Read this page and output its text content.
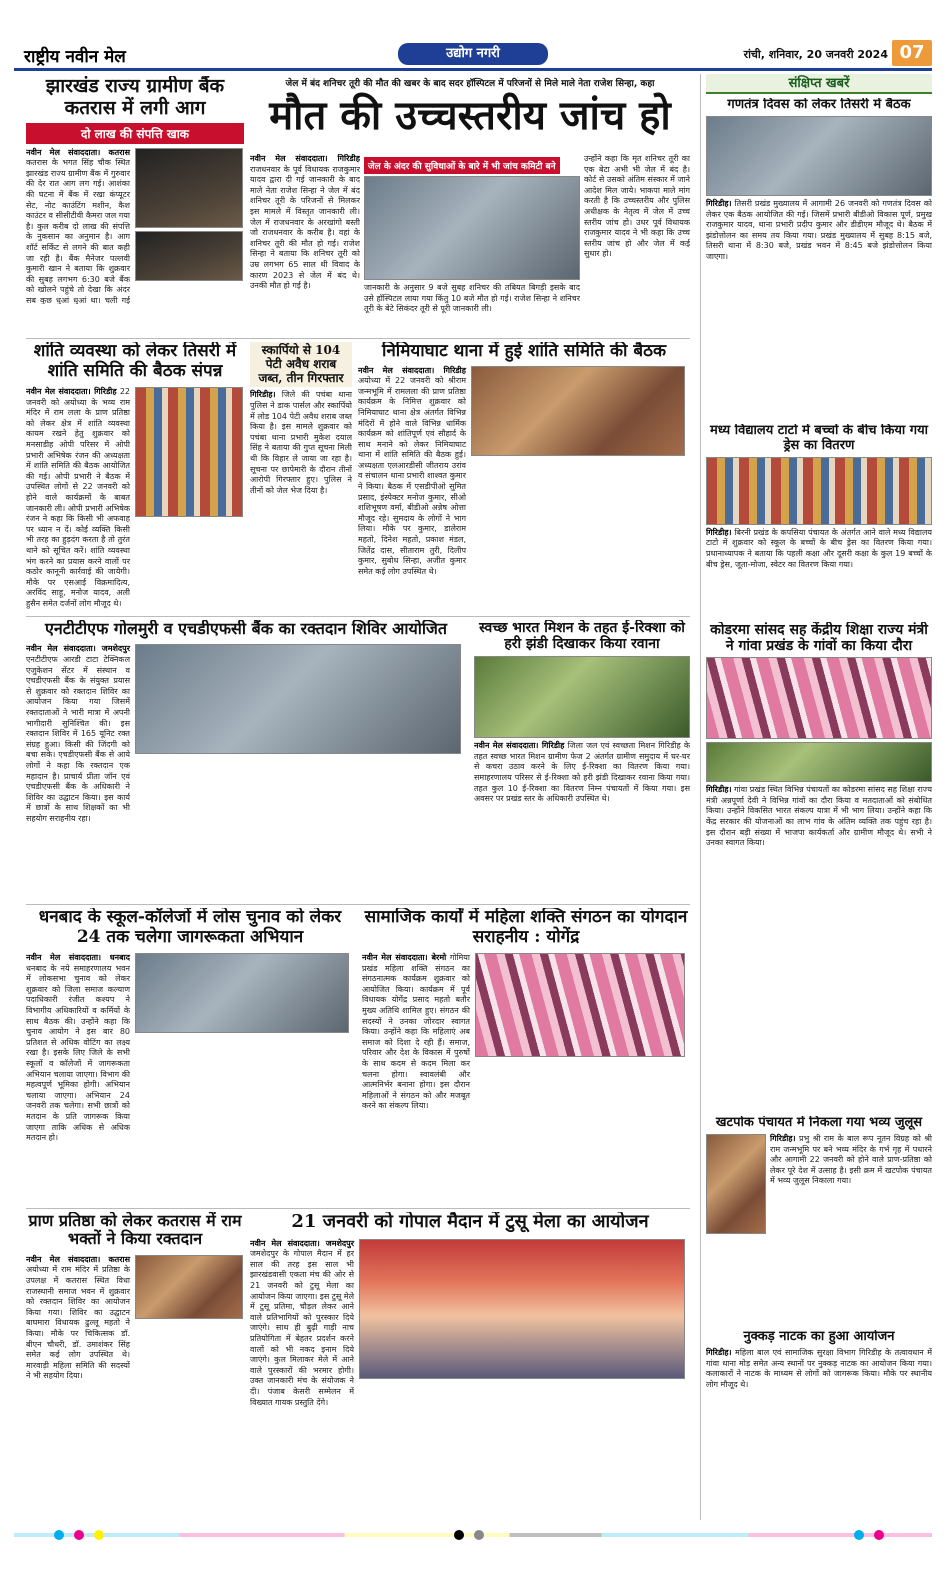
राष्ट्रीय नवीन मेल	उद्योग नगरी	रांची, शनिवार, 20 जनवरी 2024 07
झारखंड राज्य ग्रामीण बैंक कतरास में लगी आग
दो लाख की संपत्ति खाक
नवीन मेल संवाददाता। कतरास कतरास के भगत सिंह चौक स्थित झारखंड राज्य ग्रामीण बैंक में गुरुवार की देर रात आग लग गई। आशंका की घटना में बैंक में रखा कंप्यूटर सेट, नोट काउंटिंग मशीन, कैश काउंटर व सीसीटीवी कैमरा जल गया है। कुल करीब दो लाख की संपत्ति के नुकसान का अनुमान है। आग शॉर्ट सर्किट से लगने की बात कही जा रही है। बैंक मैनेजर पल्लवी कुमारी खान ने बताया कि शुक्रवार की सुबह लगभग 6:30 बजे बैंक को खोलने पहुंचे तो देखा कि अंदर सब कुछ धुआं धुआं था। चली गई
जेल में बंद शनिचर तूरी की मौत की खबर के बाद सदर हॉस्पिटल में परिजनों से मिले माले नेता राजेश सिन्हा, कहा
मौत की उच्चस्तरीय जांच हो
नवीन मेल संवाददाता। गिरिडीह राजधनवार के पूर्व विधायक राजकुमार यादव द्वारा दी गई जानकारी के बाद माले नेता राजेश सिन्हा ने जेल में बंद शनिचर तूरी के परिजनों से मिलकर इस मामले में विस्तृत जानकारी ली। जेल में राजधनवार के अरखांगो बस्ती जो राजधनवार के करीब है। वहां के शनिचर तूरी की मौत हो गई। राजेश सिन्हा ने बताया कि शनिचर तूरी को उम्र लगभग 65 साल थी विवाद के कारण 2023 से जेल में बंद थे। उनकी मौत हो गई है।
जेल के अंदर की सुविधाओं के बारे में भी जांच कमिटी बने
जानकारी के अनुसार 9 बजे सुबह शनिचर की तबियत बिगड़ी इसके बाद उसे हॉस्पिटल लाया गया किंतु 10 बजे मौत हो गई। राजेश सिन्हा ने शनिचर तूरी के बेटे सिकंदर तूरी से पूरी जानकारी ली।
उन्होंने कहा कि मृत शनिचर तूरी का एक बेटा अभी भी जेल में बंद है। कोर्ट से उसको अंतिम संस्कार में जाने आदेश मिल जाये। भाकपा माले मांग करती है कि उच्चस्तरीय और पुलिस अधीक्षक के नेतृत्व में जेल में उच्च स्तरीय जांच हो। उधर पूर्व विधायक राजकुमार यादव ने भी कहा कि उच्च स्तरीय जांच हो और जेल में कई सुधार हो।
शांति व्यवस्था को लेकर तिसरी में शांति समिति की बैठक संपन्न
नवीन मेल संवाददाता। गिरिडीह 22 जनवरी को अयोध्या के भव्य राम मंदिर में राम लला के प्राण प्रतिष्ठा को लेकर क्षेत्र में शांति व्यवस्था कायम रखने हेतु शुक्रवार को मनसाडीह ओपी परिसर में ओपी प्रभारी अभिषेक रंजन की अध्यक्षता में शांति समिति की बैठक आयोजित की गई। ओपी प्रभारी ने बैठक में उपस्थित लोगों से 22 जनवरी को होने वाले कार्यक्रमों के बाबत जानकारी ली। ओपी प्रभारी अभिषेक रंजन ने कहा कि किसी भी अफवाह पर ध्यान न दें। कोई व्यक्ति किसी भी तरह का हुड़दंग करता है तो तुरंत थाने को सूचित करें। शांति व्यवस्था भंग करने का प्रयास करने वालों पर कठोर कानूनी कार्रवाई की जायेगी। मौके पर एसआई विक्रमादित्य, अरविंद साहू, मनोज यादव, अली हुसैन समेत दर्जनों लोग मौजूद थे।
स्कार्पियो से 104 पेटी अवैध शराब जब्त, तीन गिरफ्तार
गिरिडीह। जिले की पचंबा थाना पुलिस ने डाक पार्सल और स्कार्पियो में लोड 104 पेटी अवैध शराब जब्त किया है। इस मामले शुक्रवार को पचंबा थाना प्रभारी मुकेश दयाल सिंह ने बताया की गुप्त सूचना मिली थी कि विहार ले जाया जा रहा है। सूचना पर छापेमारी के दौरान तीनों आरोपी गिरफ्तार हुए। पुलिस ने तीनों को जेल भेज दिया है।
निमियाघाट थाना में हुई शांति समिति की बैठक
नवीन मेल संवाददाता। गिरिडीह अयोध्या में 22 जनवरी को श्रीराम जन्मभूमि में रामलला की प्राण प्रतिष्ठा कार्यक्रम के निमित्त शुक्रवार को निमियाघाट थाना क्षेत्र अंतर्गत विभिन्न मंदिरों में होने वाले विभिन्न धार्मिक कार्यक्रम को शांतिपूर्ण एवं सौहार्द के साथ मनाने को लेकर निमियाघाट थाना में शांति समिति की बैठक हुई। अध्यक्षता एलआरडीसी जीतराय उरांव व संचालन थाना प्रभारी शाश्वत कुमार ने किया। बैठक में एसडीपीओ सुमित प्रसाद, इंस्पेक्टर मनोज कुमार, सीओ शशिभूषण वर्मा, बीडीओ अन्नेष ओत्ता मौजूद रहे। सुमदाय के लोगों ने भाग लिया। मौके पर कुमार, डालेराम महतो, दिनेश महतो, प्रकाश मंडल, जितेंद्र दास, सीताराम तुरी, दिलीप कुमार, सुबोध सिन्हा, अजीत कुमार समेत कई लोग उपस्थित थे।
एनटीटीएफ गोलमुरी व एचडीएफसी बैंक का रक्तदान शिविर आयोजित
नवीन मेल संवाददाता। जमशेदपुर एनटीटीएफ आरडी टाटा टेक्निकल एजुकेशन सेंटर में संस्थान व एचडीएफसी बैंक के संयुक्त प्रयास से शुक्रवार को रक्तदान शिविर का आयोजन किया गया जिसमें रक्तदाताओं ने भारी मात्रा में अपनी भागीदारी सुनिश्चित की। इस रक्तदान शिविर में 165 यूनिट रक्त संग्रह हुआ। किसी की जिंदगी को बचा सके। एचडीएफसी बैंक से आये लोगों ने कहा कि रक्तदान एक महादान है। प्राचार्य प्रीता जॉन एवं एचडीएफसी बैंक के अधिकारी ने शिविर का उद्घाटन किया। इस कार्य में छात्रों के साथ शिक्षकों का भी सहयोग सराहनीय रहा।
स्वच्छ भारत मिशन के तहत ई-रिक्शा को हरी झंडी दिखाकर किया रवाना
नवीन मेल संवाददाता। गिरिडीह जिला जल एवं स्वच्छता मिशन गिरिडीह के तहत स्वच्छ भारत मिशन ग्रामीण फेज 2 अंतर्गत ग्रामीण समुदाय में घर-घर से कचरा उठाव करने के लिए ई-रिक्शा का वितरण किया गया। समाहरणालय परिसर से ई-रिक्शा को हरी झंडी दिखाकर रवाना किया गया। तहत कुल 10 ई-रिक्शा का वितरण निम्न पंचायतों में किया गया। इस अवसर पर प्रखंड स्तर के अधिकारी उपस्थित थे।
धनबाद के स्कूल-कॉलेजों में लोस चुनाव को लेकर 24 तक चलेगा जागरूकता अभियान
नवीन मेल संवाददाता। धनबाद धनबाद के नये समाहरणालय भवन में लोकसभा चुनाव को लेकर शुक्रवार को जिला समाज कल्याण पदाधिकारी रंजीत कश्यप ने विभागीय अधिकारियों व कर्मियों के साथ बैठक की। उन्होंने कहा कि चुनाव आयोग ने इस बार 80 प्रतिशत से अधिक वोटिंग का लक्ष्य रखा है। इसके लिए जिले के सभी स्कूलों व कॉलेजों में जागरूकता अभियान चलाया जाएगा। विभाग की महत्वपूर्ण भूमिका होगी। अभियान चलाया जाएगा। अभियान 24 जनवरी तक चलेगा। सभी छात्रों को मतदान के प्रति जागरूक किया जाएगा ताकि अधिक से अधिक मतदान हो।
सामाजिक कार्यों में महिला शक्ति संगठन का योगदान सराहनीय : योगेंद्र
नवीन मेल संवाददाता। बेरमो गोमिया प्रखंड महिला शक्ति संगठन का संगठनात्मक कार्यक्रम शुक्रवार को आयोजित किया। कार्यक्रम में पूर्व विधायक योगेंद्र प्रसाद महतो बतौर मुख्य अतिथि शामिल हुए। संगठन की सदस्यों ने उनका जोरदार स्वागत किया। उन्होंने कहा कि महिलाएं अब समाज को दिशा दे रही हैं। समाज, परिवार और देश के विकास में पुरुषों के साथ कदम से कदम मिला कर चलना होगा। स्वावलंबी और आत्मनिर्भर बनाना होगा। इस दौरान महिलाओं ने संगठन को और मजबूत करने का संकल्प लिया।
प्राण प्रतिष्ठा को लेकर कतरास में राम भक्तों ने किया रक्तदान
नवीन मेल संवाददाता। कतरास अयोध्या में राम मंदिर में प्रतिष्ठा के उपलक्ष में कतरास स्थित विधा राजस्थानी समाज भवन में शुक्रवार को रक्तदान शिविर का आयोजन किया गया। शिविर का उद्घाटन बाघमारा विधायक ढुल्लू महतो ने किया। मौके पर चिकित्सक डॉ. बीएन चौधरी, डॉ. उमाशंकर सिंह समेत कई लोग उपस्थित थे। मारवाड़ी महिला समिति की सदस्यों ने भी सहयोग दिया।
21 जनवरी को गोपाल मैदान में टुसू मेला का आयोजन
नवीन मेल संवाददाता। जमशेदपुर जमशेदपुर के गोपाल मैदान में हर साल की तरह इस साल भी झारखंडवासी एकता मंच की ओर से 21 जनवरी को टुसू मेला का आयोजन किया जाएगा। इस टुसू मेले में टुसू प्रतिमा, चौड़ल लेकर आने वाले प्रतिभागियों को पुरस्कार दिये जाएंगे। साथ ही बुढ़ी गाड़ी नाच प्रतियोगिता में बेहतर प्रदर्शन करने वालों को भी नकद इनाम दिये जाएंगे। कुल मिलाकर मेले में आने वाले पुरस्कारों की भरमार होगी। उक्त जानकारी मंच के संयोजक ने दी। पंजाब केसरी सम्मेलन में विख्यात गायक प्रस्तुति देंगे।
संक्षिप्त खबरें
गणतंत्र दिवस को लेकर तिसरी में बैठक
गिरिडीह। तिसरी प्रखंड मुख्यालय में आगामी 26 जनवरी को गणतंत्र दिवस को लेकर एक बैठक आयोजित की गई। जिसमें प्रभारी बीडीओ विकास पूर्ण, प्रमुख राजकुमार यादव, थाना प्रभारी प्रदीप कुमार और डीडीएम मौजूद थे। बैठक में झंडोत्तोलन का समय तय किया गया। प्रखंड मुख्यालय में सुबह 8:15 बजे, तिसरी थाना में 8:30 बजे, प्रखंड भवन में 8:45 बजे झंडोत्तोलन किया जाएगा।
मध्य विद्यालय टाटो में बच्चों के बीच किया गया ड्रेस का वितरण
गिरिडीह। बिरनी प्रखंड के कपसिया पंचायत के अंतर्गत आने वाले मध्य विद्यालय टाटो में शुक्रवार को स्कूल के बच्चों के बीच ड्रेस का वितरण किया गया। प्रधानाध्यापक ने बताया कि पहली कक्षा और दूसरी कक्षा के कुल 19 बच्चों के बीच ड्रेस, जूता-मोजा, स्वेटर का वितरण किया गया।
कोडरमा सांसद सह केंद्रीय शिक्षा राज्य मंत्री ने गांवा प्रखंड के गांवों का किया दौरा
गिरिडीह। गांवा प्रखंड स्थित विभिन्न पंचायतों का कोडरमा सांसद सह शिक्षा राज्य मंत्री अन्नपूर्णा देवी ने विभिन्न गांवों का दौरा किया व मतदाताओं को संबोधित किया। उन्होंने विकसित भारत संकल्प यात्रा में भी भाग लिया। उन्होंने कहा कि केंद्र सरकार की योजनाओं का लाभ गांव के अंतिम व्यक्ति तक पहुंच रहा है। इस दौरान बड़ी संख्या में भाजपा कार्यकर्ता और ग्रामीण मौजूद थे। सभी ने उनका स्वागत किया।
खटपोक पंचायत में निकला गया भव्य जुलूस
गिरिडीह। प्रभु श्री राम के बाल रूप नूतन विग्रह को श्री राम जन्मभूमि पर बने भव्य मंदिर के गर्भ गृह में पधारने और आगामी 22 जनवरी को होने वाले प्राण-प्रतिष्ठा को लेकर पूरे देश में उत्साह है। इसी क्रम में खटपोक पंचायत में भव्य जुलूस निकाला गया।
नुक्कड़ नाटक का हुआ आयोजन
गिरिडीह। महिला बाल एवं सामाजिक सुरक्षा विभाग गिरिडीह के तत्वावधान में गांवा थाना मोड़ समेत अन्य स्थानों पर नुक्कड़ नाटक का आयोजन किया गया। कलाकारों ने नाटक के माध्यम से लोगों को जागरूक किया। मौके पर स्थानीय लोग मौजूद थे।
